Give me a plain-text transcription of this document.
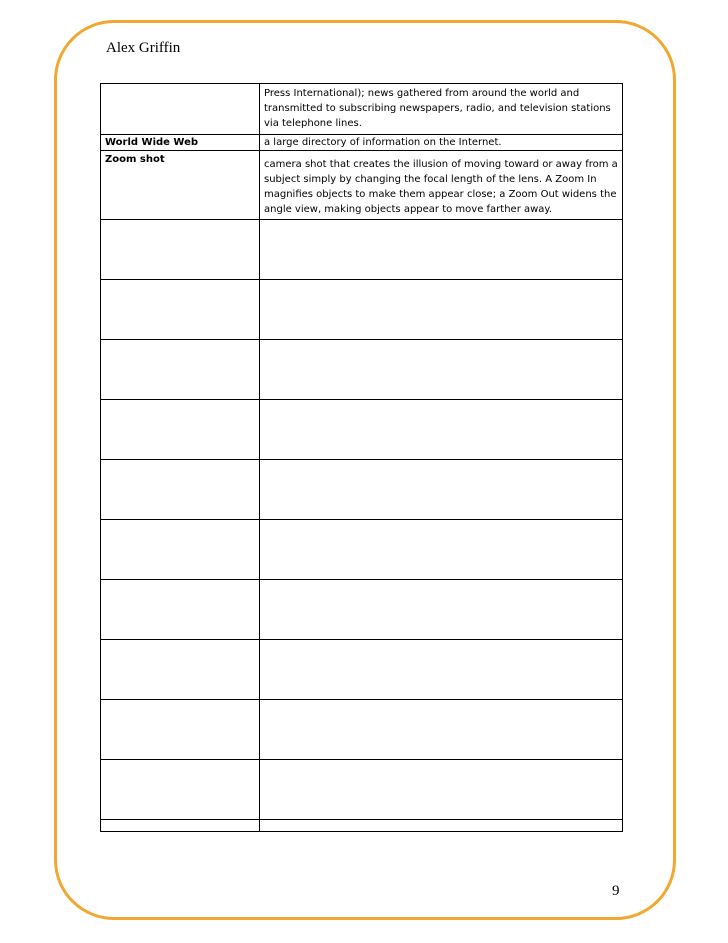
Alex Griffin
	Press International); news gathered from around the world and transmitted to subscribing newspapers, radio, and television stations via telephone lines.
World Wide Web	a large directory of information on the Internet.
Zoom shot	camera shot that creates the illusion of moving toward or away from a subject simply by changing the focal length of the lens. A Zoom In magnifies objects to make them appear close; a Zoom Out widens the angle view, making objects appear to move farther away.

9
